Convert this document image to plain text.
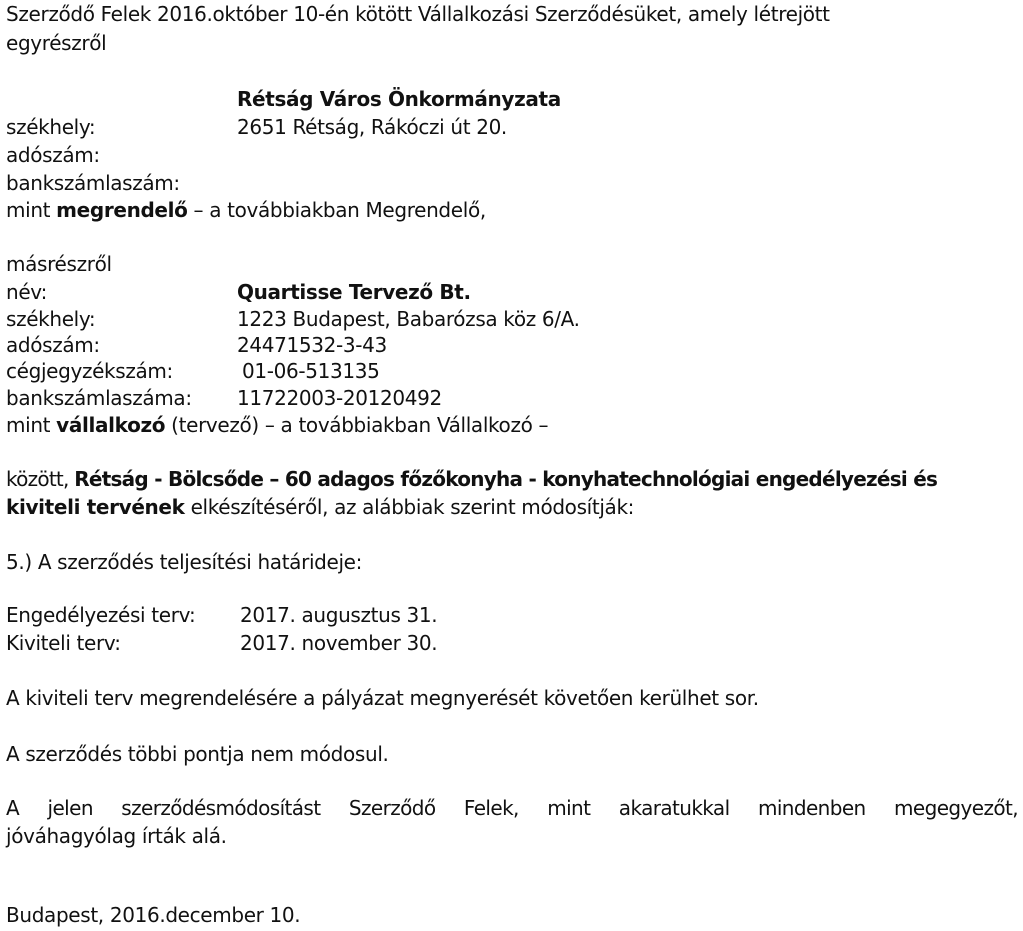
Szerződő Felek 2016.október 10-én kötött Vállalkozási Szerződésüket, amely létrejött
egyrészről
Rétság Város Önkormányzata
székhely:	2651 Rétság, Rákóczi út 20.
adószám:
bankszámlaszám:
mint megrendelő – a továbbiakban Megrendelő,
másrészről
név:	Quartisse Tervező Bt.
székhely:	1223 Budapest, Babarózsa köz 6/A.
adószám:	24471532-3-43
cégjegyzékszám:	01-06-513135
bankszámlaszáma: 11722003-20120492
mint vállalkozó (tervező) – a továbbiakban Vállalkozó –
között, Rétság - Bölcsőde – 60 adagos főzőkonyha - konyhatechnológiai engedélyezési és
kiviteli tervének elkészítéséről, az alábbiak szerint módosítják:
5.) A szerződés teljesítési határideje:
Engedélyezési terv: 2017. augusztus 31.
Kiviteli terv:	2017. november 30.
A kiviteli terv megrendelésére a pályázat megnyerését követően kerülhet sor.
A szerződés többi pontja nem módosul.
A jelen szerződésmódosítást Szerződő Felek, mint akaratukkal mindenben megegyezőt,
jóváhagyólag írták alá.
Budapest, 2016.december 10.
